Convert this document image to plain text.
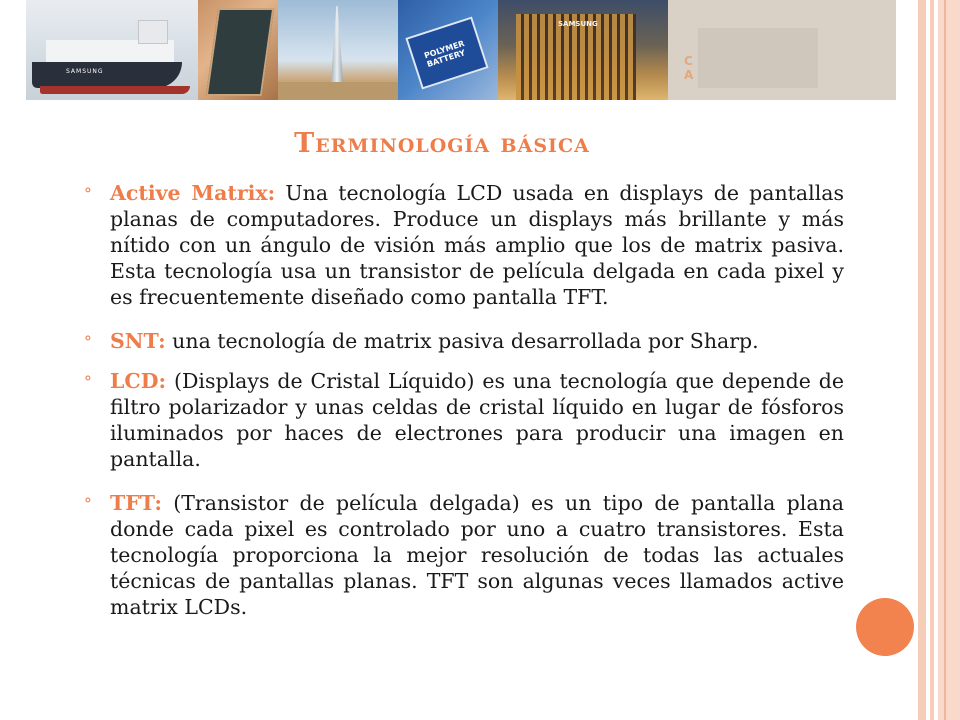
SAMSUNG
POLYMER BATTERY
SAMSUNG
C
A
Terminología básica
⚬ Active Matrix: Una tecnología LCD usada en displays de pantallas planas de computadores. Produce un displays más brillante y más nítido con un ángulo de visión más amplio que los de matrix pasiva. Esta tecnología usa un transistor de película delgada en cada pixel y es frecuentemente diseñado como pantalla TFT.
⚬ SNT: una tecnología de matrix pasiva desarrollada por Sharp.
⚬ LCD: (Displays de Cristal Líquido) es una tecnología que depende de filtro polarizador y unas celdas de cristal líquido en lugar de fósforos iluminados por haces de electrones para producir una imagen en pantalla.
⚬ TFT: (Transistor de película delgada) es un tipo de pantalla plana donde cada pixel es controlado por uno a cuatro transistores. Esta tecnología proporciona la mejor resolución de todas las actuales técnicas de pantallas planas. TFT son algunas veces llamados active matrix LCDs.
